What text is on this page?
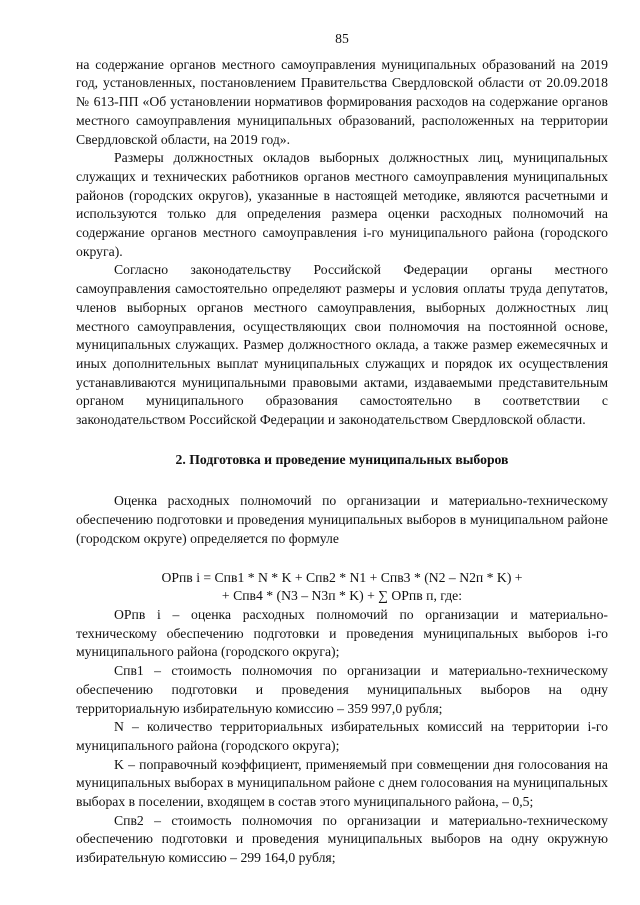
85

на содержание органов местного самоуправления муниципальных образований на 2019 год, установленных, постановлением Правительства Свердловской области от 20.09.2018 № 613-ПП «Об установлении нормативов формирования расходов на содержание органов местного самоуправления муниципальных образований, расположенных на территории Свердловской области, на 2019 год».

Размеры должностных окладов выборных должностных лиц, муниципальных служащих и технических работников органов местного самоуправления муниципальных районов (городских округов), указанные в настоящей методике, являются расчетными и используются только для определения размера оценки расходных полномочий на содержание органов местного самоуправления i-го муниципального района (городского округа).

Согласно законодательству Российской Федерации органы местного самоуправления самостоятельно определяют размеры и условия оплаты труда депутатов, членов выборных органов местного самоуправления, выборных должностных лиц местного самоуправления, осуществляющих свои полномочия на постоянной основе, муниципальных служащих. Размер должностного оклада, а также размер ежемесячных и иных дополнительных выплат муниципальных служащих и порядок их осуществления устанавливаются муниципальными правовыми актами, издаваемыми представительным органом муниципального образования самостоятельно в соответствии с законодательством Российской Федерации и законодательством Свердловской области.

2. Подготовка и проведение муниципальных выборов

Оценка расходных полномочий по организации и материально-техническому обеспечению подготовки и проведения муниципальных выборов в муниципальном районе (городском округе) определяется по формуле

ОРпв i = Спв1 * N * K + Спв2 * N1 + Спв3 * (N2 – N2п * K) +
+ Спв4 * (N3 – N3п * K) + ∑ ОРпв п, где:

ОРпв i – оценка расходных полномочий по организации и материально-техническому обеспечению подготовки и проведения муниципальных выборов i-го муниципального района (городского округа);

Спв1 – стоимость полномочия по организации и материально-техническому обеспечению подготовки и проведения муниципальных выборов на одну территориальную избирательную комиссию – 359 997,0 рубля;

N – количество территориальных избирательных комиссий на территории i-го муниципального района (городского округа);

K – поправочный коэффициент, применяемый при совмещении дня голосования на муниципальных выборах в муниципальном районе с днем голосования на муниципальных выборах в поселении, входящем в состав этого муниципального района, – 0,5;

Спв2 – стоимость полномочия по организации и материально-техническому обеспечению подготовки и проведения муниципальных выборов на одну окружную избирательную комиссию – 299 164,0 рубля;
